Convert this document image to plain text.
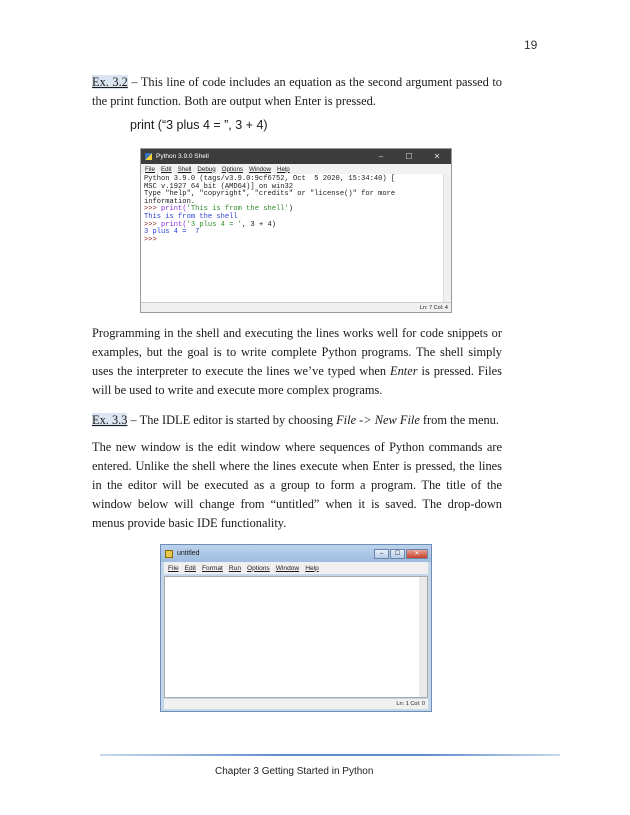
19

Ex. 3.2 – This line of code includes an equation as the second argument passed to the print function. Both are output when Enter is pressed.

print (“3 plus 4 = ”, 3 + 4)
Python 3.9.0 Shell	–	☐	✕
File Edit Shell Debug Options Window Help
Python 3.9.0 (tags/v3.9.0:9cf6752, Oct  5 2020, 15:34:40) [
MSC v.1927 64 bit (AMD64)] on win32
Type "help", "copyright", "credits" or "license()" for more
information.
>>> print('This is from the shell')
This is from the shell
>>> print('3 plus 4 = ', 3 + 4)
3 plus 4 =  7
>>>
Ln: 7 Col: 4

Programming in the shell and executing the lines works well for code snippets or examples, but the goal is to write complete Python programs. The shell simply uses the interpreter to execute the lines we’ve typed when Enter is pressed. Files will be used to write and execute more complex programs.

Ex. 3.3 – The IDLE editor is started by choosing File -> New File from the menu.

The new window is the edit window where sequences of Python commands are entered. Unlike the shell where the lines execute when Enter is pressed, the lines in the editor will be executed as a group to form a program. The title of the window below will change from “untitled” when it is saved. The drop-down menus provide basic IDE functionality.

untitled	–	☐	✕
File Edit Format Run Options Window Help
Ln: 1 Col: 0
Chapter 3 Getting Started in Python
